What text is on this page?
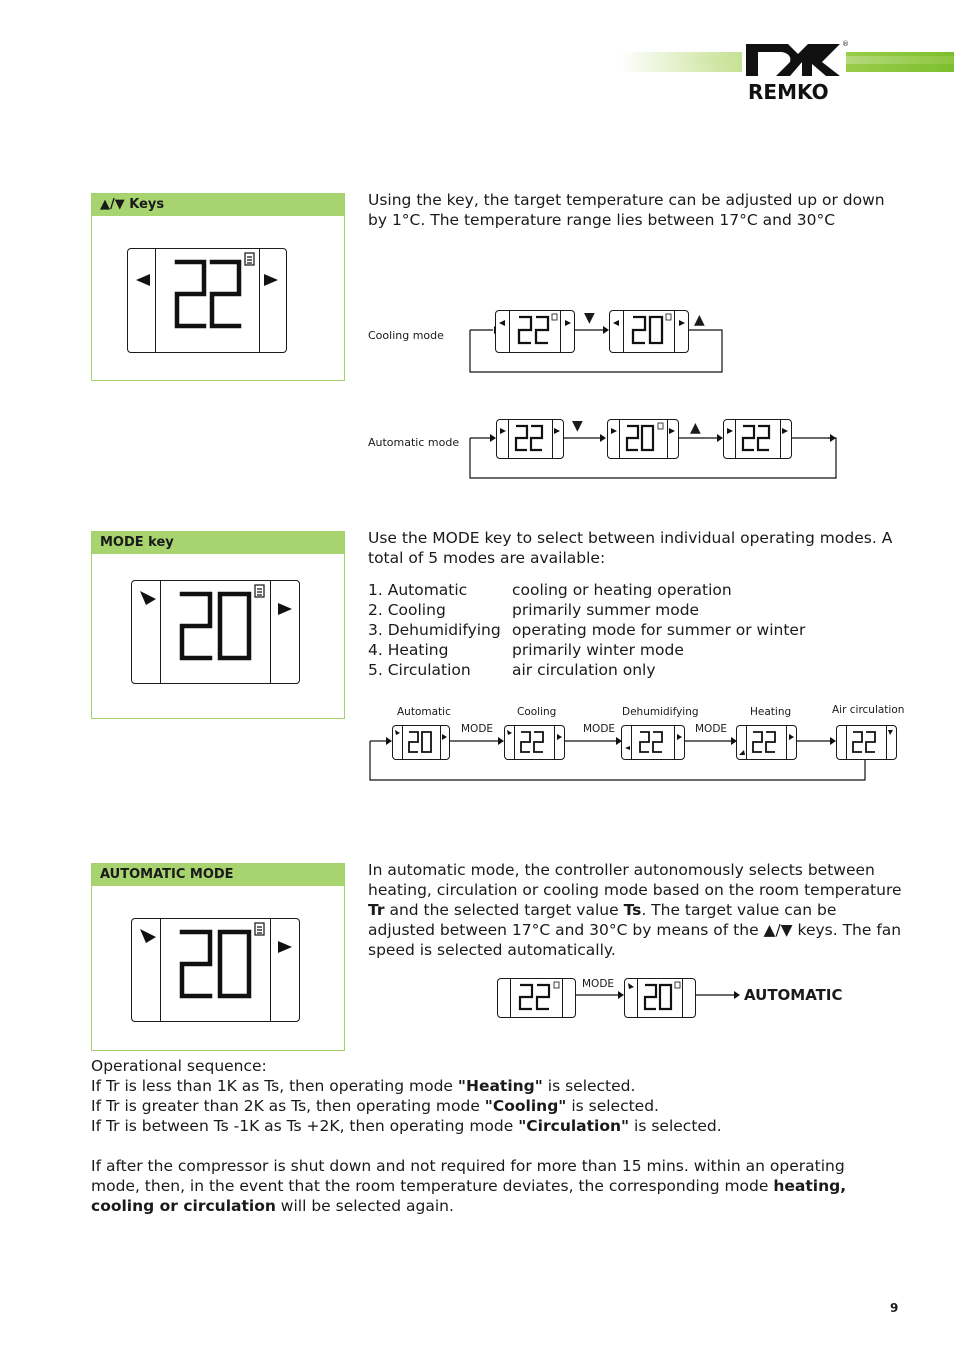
REMKO
®
▲/▼ Keys	Using the key, the target temperature can be adjusted up or down by 1°C. The temperature range lies between 17°C and 30°C
Cooling mode
Automatic mode
▼	▲
▼	▲
MODE key	Use the MODE key to select between individual operating modes. A total of 5 modes are available:
1. Automatic	cooling or heating operation
2. Cooling	primarily summer mode
3. Dehumidifying	operating mode for summer or winter
4. Heating	primarily winter mode
5. Circulation	air circulation only
Automatic	Cooling	Dehumidifying	Heating	Air circulation
MODE	MODE	MODE
AUTOMATIC MODE	In automatic mode, the controller autonomously selects between heating, circulation or cooling mode based on the room temperature Tr and the selected target value Ts. The target value can be adjusted between 17°C and 30°C by means of the ▲/▼ keys. The fan speed is selected automatically.
MODE
AUTOMATIC
Operational sequence:
If Tr is less than 1K as Ts, then operating mode "Heating" is selected.
If Tr is greater than 2K as Ts, then operating mode "Cooling" is selected.
If Tr is between Ts -1K as Ts +2K, then operating mode "Circulation" is selected.
If after the compressor is shut down and not required for more than 15 mins. within an operating mode, then, in the event that the room temperature deviates, the corresponding mode heating, cooling or circulation will be selected again.
9
